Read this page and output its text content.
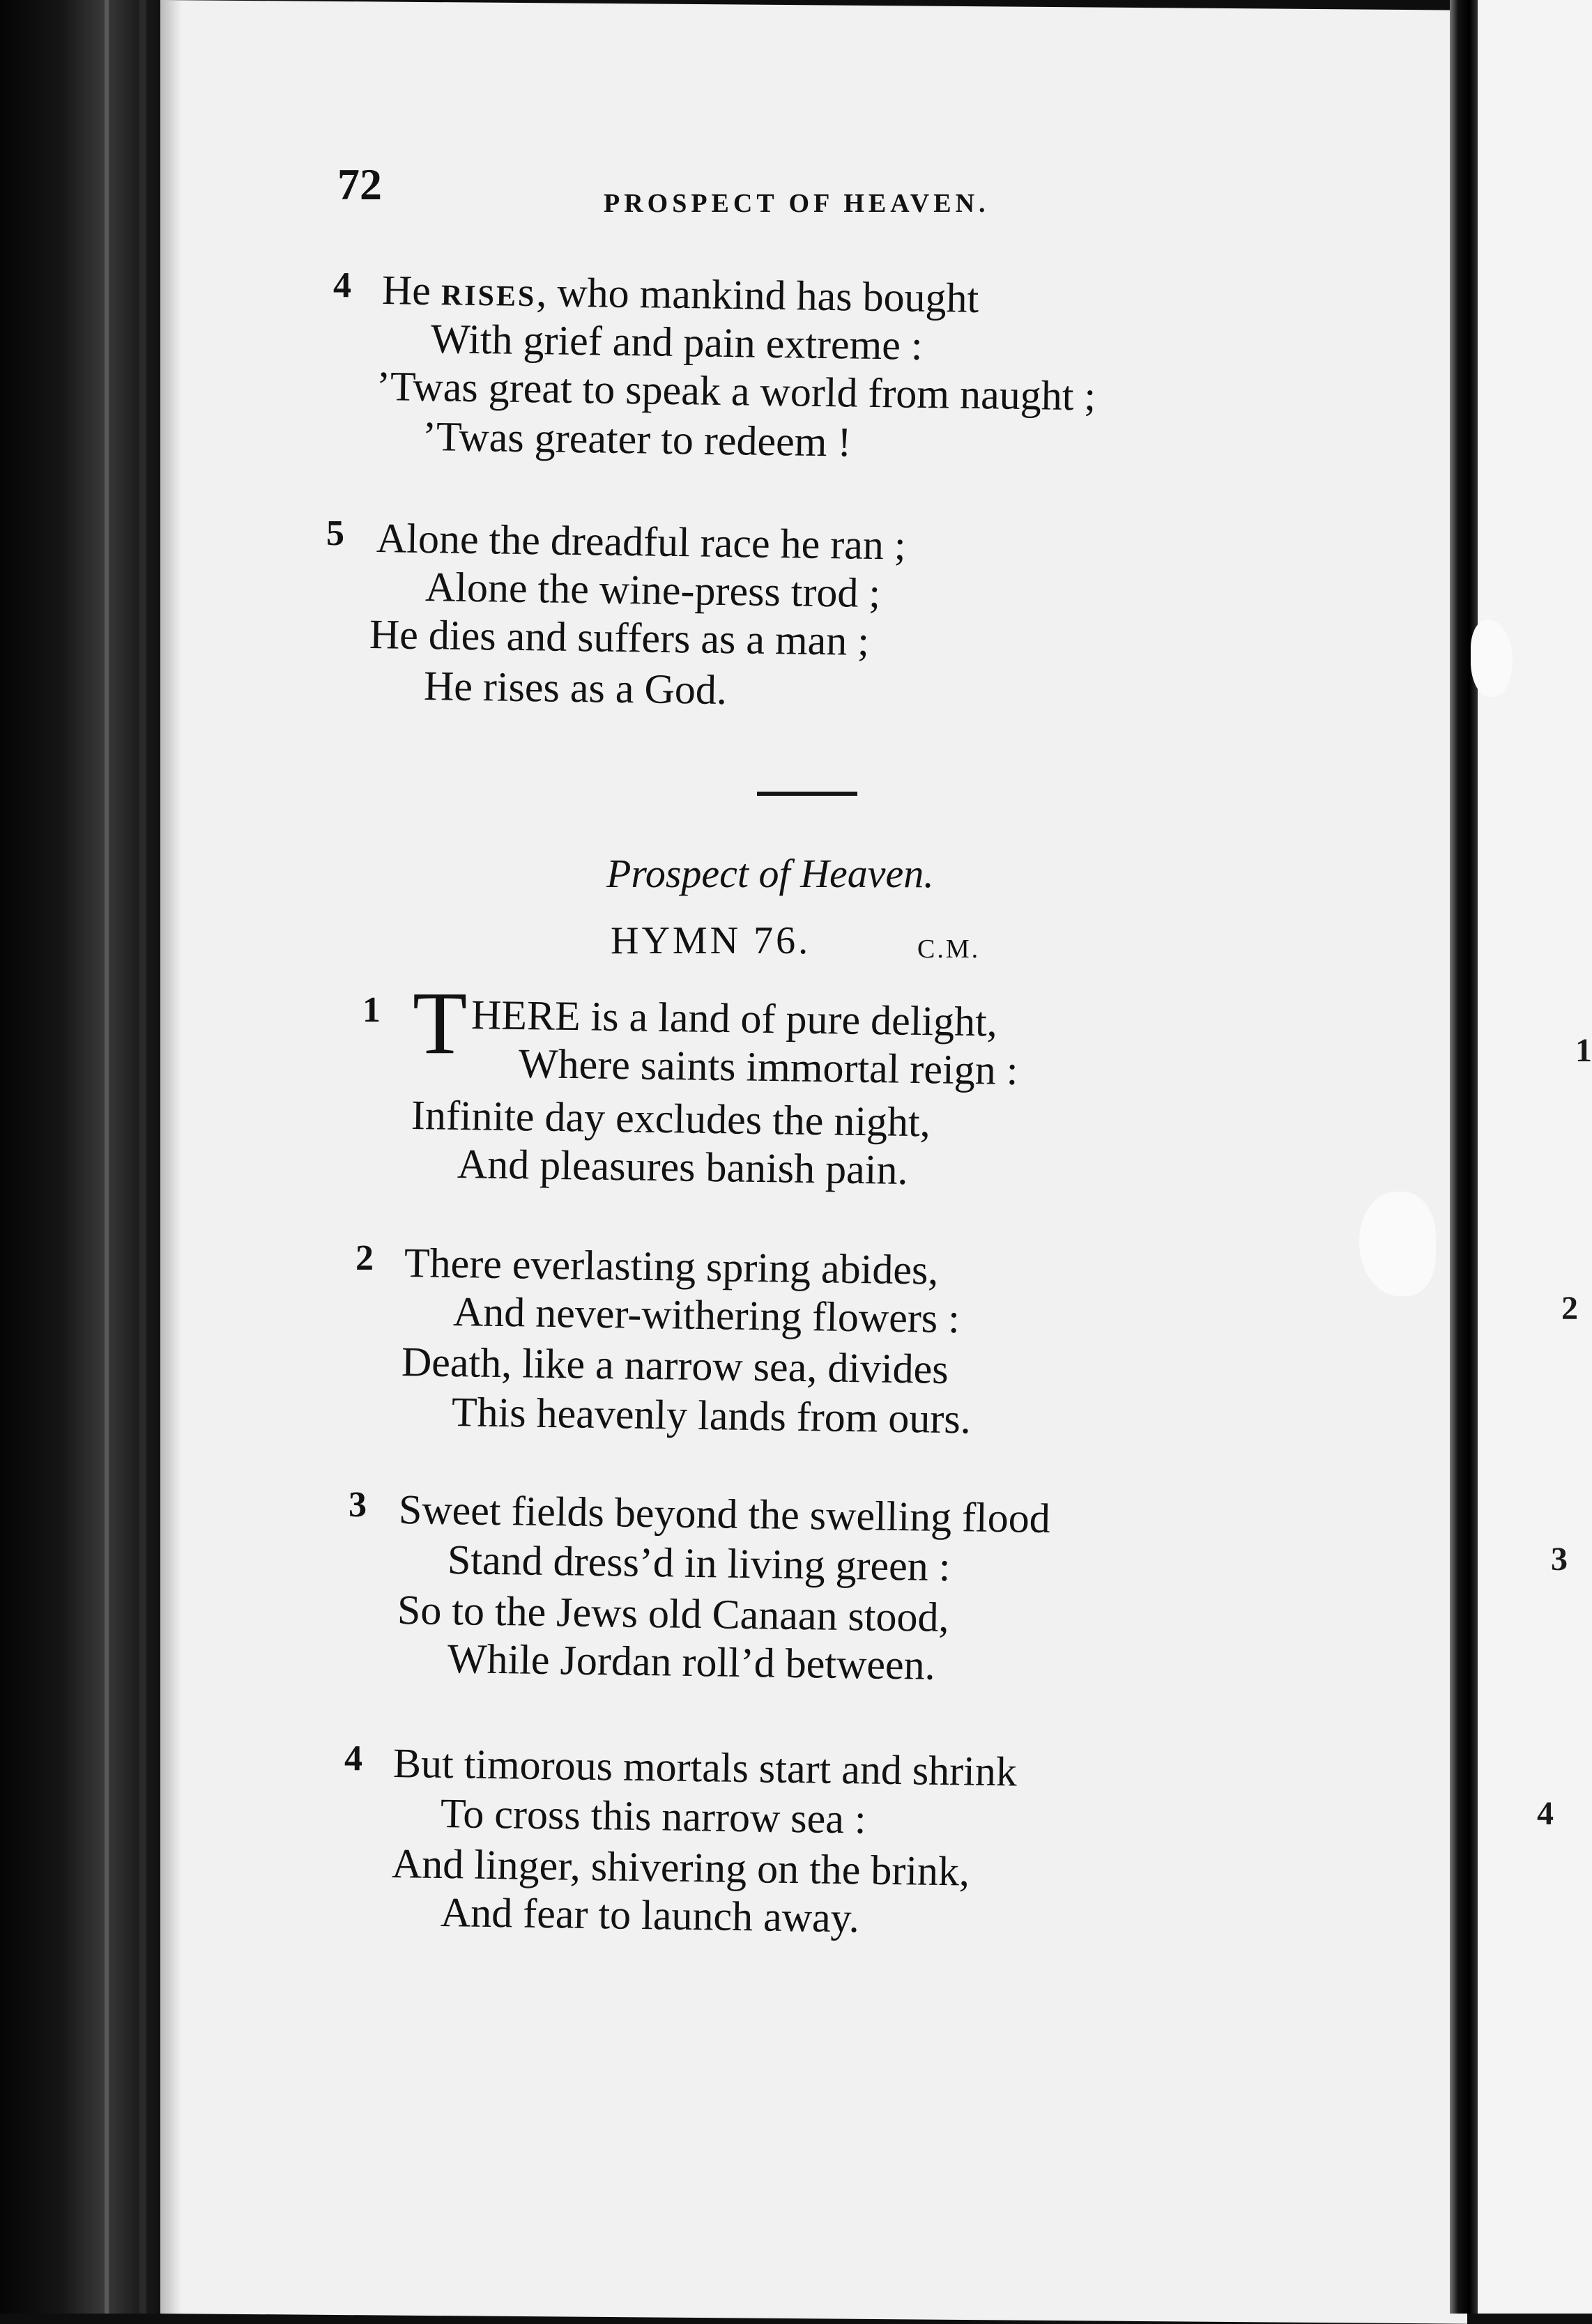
1
2
3
4
72	PROSPECT OF HEAVEN.
4 He RISES, who mankind has bought
With grief and pain extreme :
’Twas great to speak a world from naught ;
’Twas greater to redeem !
5 Alone the dreadful race he ran ;
Alone the wine-press trod ;
He dies and suffers as a man ;
He rises as a God.
Prospect of Heaven.
HYMN 76.	C.M.
1 T HERE is a land of pure delight,
Where saints immortal reign :
Infinite day excludes the night,
And pleasures banish pain.
2 There everlasting spring abides,
And never-withering flowers :
Death, like a narrow sea, divides
This heavenly lands from ours.
3 Sweet fields beyond the swelling flood
Stand dress’d in living green :
So to the Jews old Canaan stood,
While Jordan roll’d between.
4 But timorous mortals start and shrink
To cross this narrow sea :
And linger, shivering on the brink,
And fear to launch away.
